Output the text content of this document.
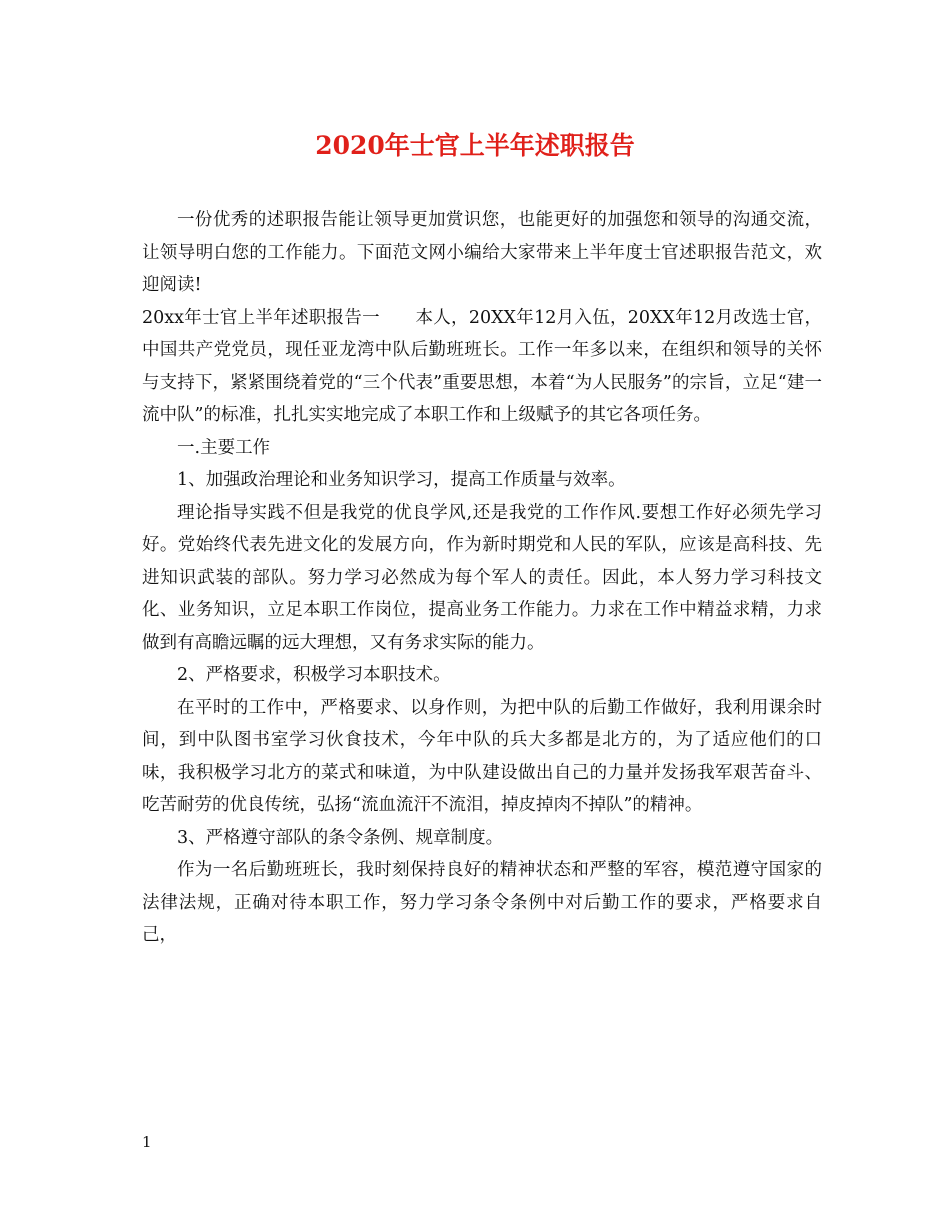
2020年士官上半年述职报告

一份优秀的述职报告能让领导更加赏识您，也能更好的加强您和领导的沟通交流，让领导明白您的工作能力。下面范文网小编给大家带来上半年度士官述职报告范文，欢迎阅读!

20xx年士官上半年述职报告一　　本人，20XX年12月入伍，20XX年12月改选士官，中国共产党党员，现任亚龙湾中队后勤班班长。工作一年多以来，在组织和领导的关怀与支持下，紧紧围绕着党的“三个代表”重要思想，本着“为人民服务”的宗旨，立足“建一流中队”的标准，扎扎实实地完成了本职工作和上级赋予的其它各项任务。

一.主要工作

1、加强政治理论和业务知识学习，提高工作质量与效率。

理论指导实践不但是我党的优良学风,还是我党的工作作风.要想工作好必须先学习好。党始终代表先进文化的发展方向，作为新时期党和人民的军队，应该是高科技、先进知识武装的部队。努力学习必然成为每个军人的责任。因此，本人努力学习科技文化、业务知识，立足本职工作岗位，提高业务工作能力。力求在工作中精益求精，力求做到有高瞻远瞩的远大理想，又有务求实际的能力。

2、严格要求，积极学习本职技术。

在平时的工作中，严格要求、以身作则，为把中队的后勤工作做好，我利用课余时间，到中队图书室学习伙食技术，今年中队的兵大多都是北方的，为了适应他们的口味，我积极学习北方的菜式和味道，为中队建设做出自己的力量并发扬我军艰苦奋斗、吃苦耐劳的优良传统，弘扬“流血流汗不流泪，掉皮掉肉不掉队”的精神。

3、严格遵守部队的条令条例、规章制度。

作为一名后勤班班长，我时刻保持良好的精神状态和严整的军容，模范遵守国家的法律法规，正确对待本职工作，努力学习条令条例中对后勤工作的要求，严格要求自己，

1
